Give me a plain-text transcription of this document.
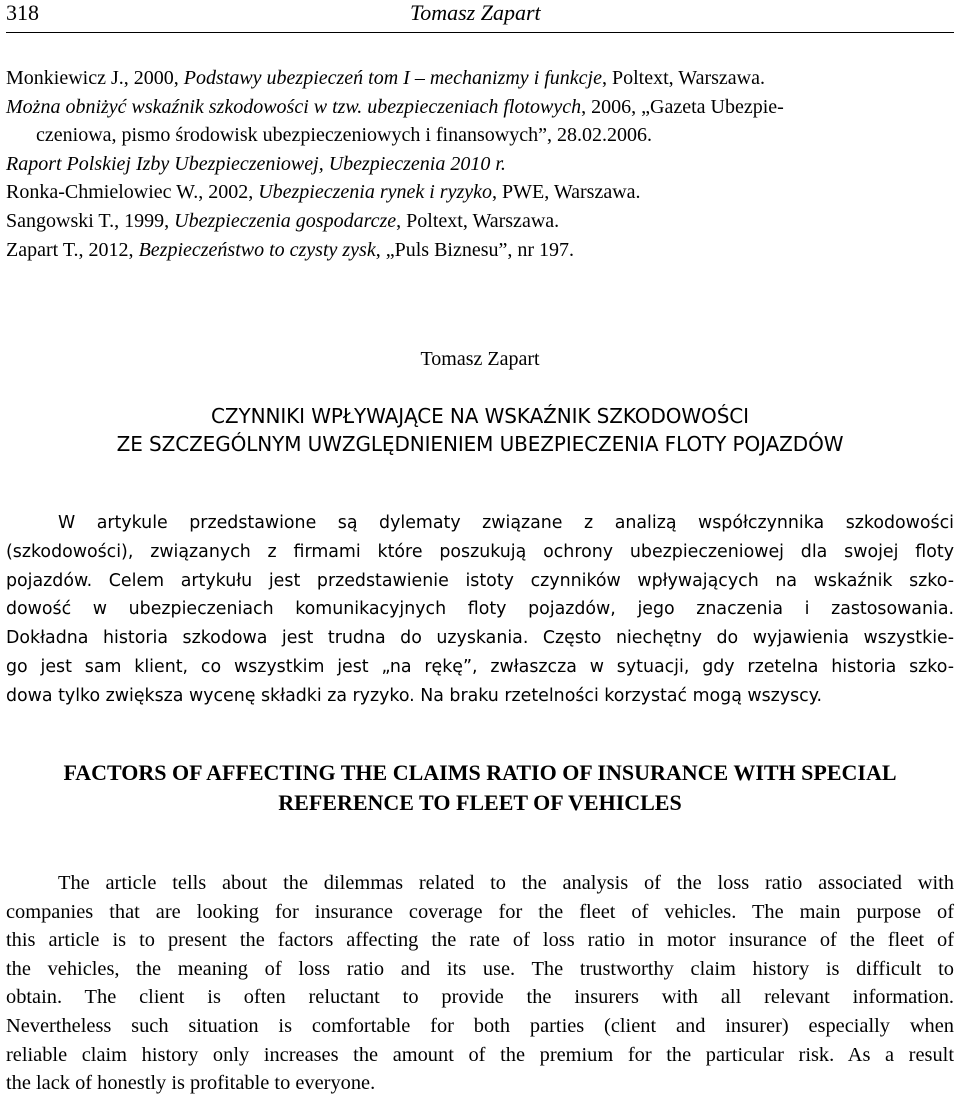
318	Tomasz Zapart

Monkiewicz J., 2000, Podstawy ubezpieczeń tom I – mechanizmy i funkcje, Poltext, Warszawa.

Można obniżyć wskaźnik szkodowości w tzw. ubezpieczeniach flotowych, 2006, „Gazeta Ubezpie-
czeniowa, pismo środowisk ubezpieczeniowych i finansowych”, 28.02.2006.

Raport Polskiej Izby Ubezpieczeniowej, Ubezpieczenia 2010 r.

Ronka-Chmielowiec W., 2002, Ubezpieczenia rynek i ryzyko, PWE, Warszawa.

Sangowski T., 1999, Ubezpieczenia gospodarcze, Poltext, Warszawa.

Zapart T., 2012, Bezpieczeństwo to czysty zysk, „Puls Biznesu”, nr 197.

Tomasz Zapart
CZYNNIKI WPŁYWAJĄCE NA WSKAŹNIK SZKODOWOŚCI
ZE SZCZEGÓLNYM UWZGLĘDNIENIEM UBEZPIECZENIA FLOTY POJAZDÓW
W artykule przedstawione są dylematy związane z analizą współczynnika szkodowości
(szkodowości), związanych z firmami które poszukują ochrony ubezpieczeniowej dla swojej floty
pojazdów. Celem artykułu jest przedstawienie istoty czynników wpływających na wskaźnik szko-
dowość w ubezpieczeniach komunikacyjnych floty pojazdów, jego znaczenia i zastosowania.
Dokładna historia szkodowa jest trudna do uzyskania. Często niechętny do wyjawienia wszystkie-
go jest sam klient, co wszystkim jest „na rękę”, zwłaszcza w sytuacji, gdy rzetelna historia szko-
dowa tylko zwiększa wycenę składki za ryzyko. Na braku rzetelności korzystać mogą wszyscy.
FACTORS OF AFFECTING THE CLAIMS RATIO OF INSURANCE WITH SPECIAL
REFERENCE TO FLEET OF VEHICLES
The article tells about the dilemmas related to the analysis of the loss ratio associated with
companies that are looking for insurance coverage for the fleet of vehicles. The main purpose of
this article is to present the factors affecting the rate of loss ratio in motor insurance of the fleet of
the vehicles, the meaning of loss ratio and its use. The trustworthy claim history is difficult to
obtain. The client is often reluctant to provide the insurers with all relevant information.
Nevertheless such situation is comfortable for both parties (client and insurer) especially when
reliable claim history only increases the amount of the premium for the particular risk. As a result
the lack of honestly is profitable to everyone.
